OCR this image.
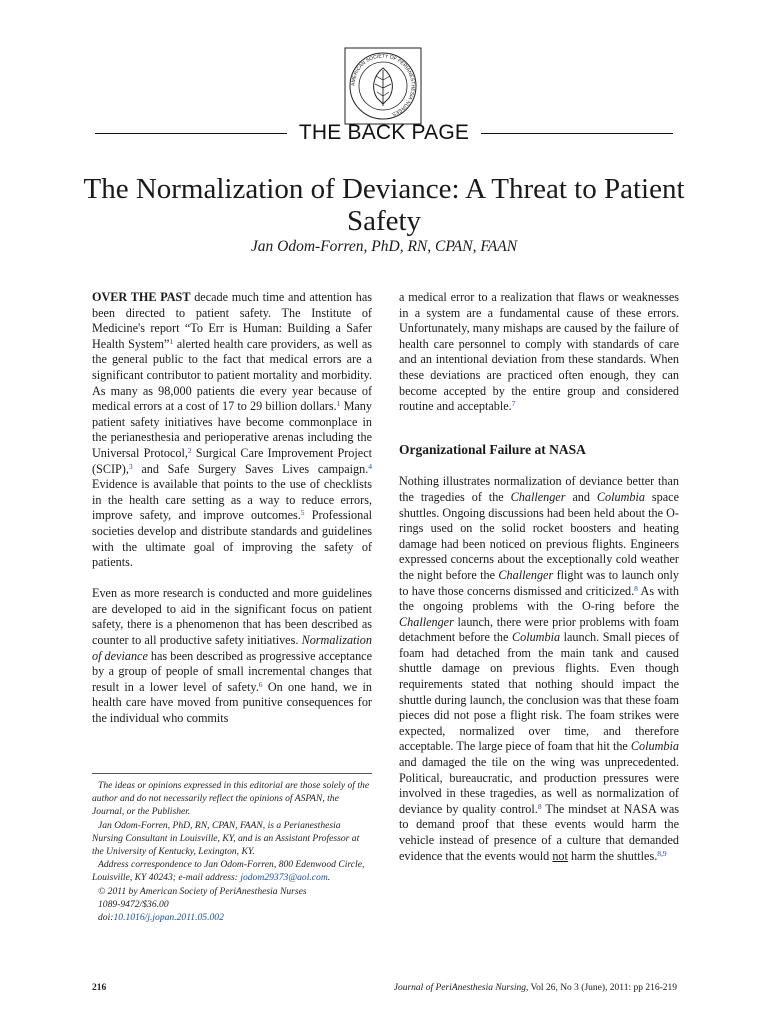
AMERICAN SOCIETY OF PERIANESTHESIA NURSES
THE BACK PAGE
The Normalization of Deviance: A Threat to Patient Safety
Jan Odom-Forren, PhD, RN, CPAN, FAAN

OVER THE PAST decade much time and attention has been directed to patient safety. The Institute of Medicine's report “To Err is Human: Building a Safer Health System”$^1$ alerted health care providers, as well as the general public to the fact that medical errors are a significant contributor to patient mortality and morbidity. As many as 98,000 patients die every year because of medical errors at a cost of 17 to 29 billion dollars.$^1$ Many patient safety initiatives have become commonplace in the perianesthesia and perioperative arenas including the Universal Protocol,$^2$ Surgical Care Improvement Project (SCIP),$^3$ and Safe Surgery Saves Lives campaign.$^4$ Evidence is available that points to the use of checklists in the health care setting as a way to reduce errors, improve safety, and improve outcomes.$^5$ Professional societies develop and distribute standards and guidelines with the ultimate goal of improving the safety of patients.

Even as more research is conducted and more guidelines are developed to aid in the significant focus on patient safety, there is a phenomenon that has been described as counter to all productive safety initiatives. Normalization of deviance has been described as progressive acceptance by a group of people of small incremental changes that result in a lower level of safety.$^6$ On one hand, we in health care have moved from punitive consequences for the individual who commits

a medical error to a realization that flaws or weaknesses in a system are a fundamental cause of these errors. Unfortunately, many mishaps are caused by the failure of health care personnel to comply with standards of care and an intentional deviation from these standards. When these deviations are practiced often enough, they can become accepted by the entire group and considered routine and acceptable.$^7$

Organizational Failure at NASA

Nothing illustrates normalization of deviance better than the tragedies of the Challenger and Columbia space shuttles. Ongoing discussions had been held about the O-rings used on the solid rocket boosters and heating damage had been noticed on previous flights. Engineers expressed concerns about the exceptionally cold weather the night before the Challenger flight was to launch only to have those concerns dismissed and criticized.$^8$ As with the ongoing problems with the O-ring before the Challenger launch, there were prior problems with foam detachment before the Columbia launch. Small pieces of foam had detached from the main tank and caused shuttle damage on previous flights. Even though requirements stated that nothing should impact the shuttle during launch, the conclusion was that these foam pieces did not pose a flight risk. The foam strikes were expected, normalized over time, and therefore acceptable. The large piece of foam that hit the Columbia and damaged the tile on the wing was unprecedented. Political, bureaucratic, and production pressures were involved in these tragedies, as well as normalization of deviance by quality control.$^8$ The mindset at NASA was to demand proof that these events would harm the vehicle instead of presence of a culture that demanded evidence that the events would not harm the shuttles.$^{8,9}$

The ideas or opinions expressed in this editorial are those solely of the author and do not necessarily reflect the opinions of ASPAN, the Journal, or the Publisher.

Jan Odom-Forren, PhD, RN, CPAN, FAAN, is a Perianesthesia Nursing Consultant in Louisville, KY, and is an Assistant Professor at the University of Kentucky, Lexington, KY.

Address correspondence to Jan Odom-Forren, 800 Edenwood Circle, Louisville, KY 40243; e-mail address: jodom29373@aol.com.

© 2011 by American Society of PeriAnesthesia Nurses

1089-9472/$36.00

doi:10.1016/j.jopan.2011.05.002

216	Journal of PeriAnesthesia Nursing, Vol 26, No 3 (June), 2011: pp 216-219
